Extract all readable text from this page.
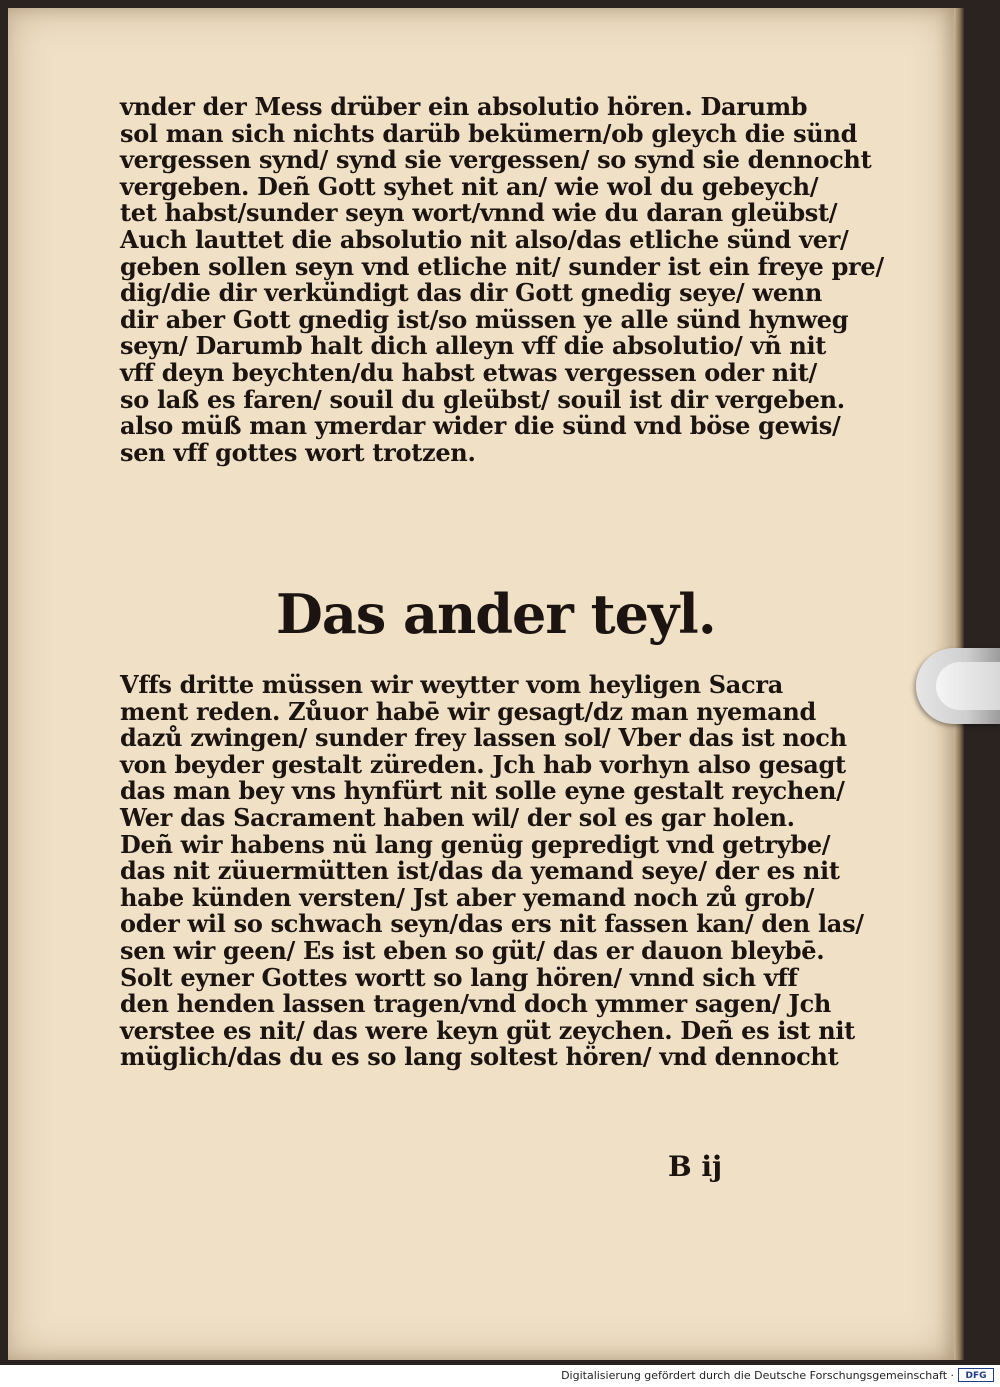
vnder der Mess drüber ein absolutio hören. Darumb
sol man sich nichts darüb bekümern/ob gleych die sünd
vergessen synd/ synd sie vergessen/ so synd sie dennocht
vergeben. Deñ Gott syhet nit an/ wie wol du gebeych/
tet habst/sunder seyn wort/vnnd wie du daran gleübst/
Auch lauttet die absolutio nit also/das etliche sünd ver/
geben sollen seyn vnd etliche nit/ sunder ist ein freye pre/
dig/die dir verkündigt das dir Gott gnedig seye/ wenn
dir aber Gott gnedig ist/so müssen ye alle sünd hynweg
seyn/ Darumb halt dich alleyn vff die absolutio/ vñ nit
vff deyn beychten/du habst etwas vergessen oder nit/
so laß es faren/ souil du gleübst/ souil ist dir vergeben.
also müß man ymerdar wider die sünd vnd böse gewis/
sen vff gottes wort trotzen.
Das ander teyl.
Vffs dritte müssen wir weytter vom heyligen Sacra
ment reden. Zůuor habē wir gesagt/dz man nyemand
dazů zwingen/ sunder frey lassen sol/ Vber das ist noch
von beyder gestalt züreden. Jch hab vorhyn also gesagt
das man bey vns hynfürt nit solle eyne gestalt reychen/
Wer das Sacrament haben wil/ der sol es gar holen.
Deñ wir habens nü lang genüg gepredigt vnd getrybe/
das nit züuermütten ist/das da yemand seye/ der es nit
habe künden versten/ Jst aber yemand noch zů grob/
oder wil so schwach seyn/das ers nit fassen kan/ den las/
sen wir geen/ Es ist eben so güt/ das er dauon bleybē.
Solt eyner Gottes wortt so lang hören/ vnnd sich vff
den henden lassen tragen/vnd doch ymmer sagen/ Jch
verstee es nit/ das were keyn güt zeychen. Deñ es ist nit
müglich/das du es so lang soltest hören/ vnd dennocht
B ij
Digitalisierung gefördert durch die Deutsche Forschungsgemeinschaft ·	DFG
